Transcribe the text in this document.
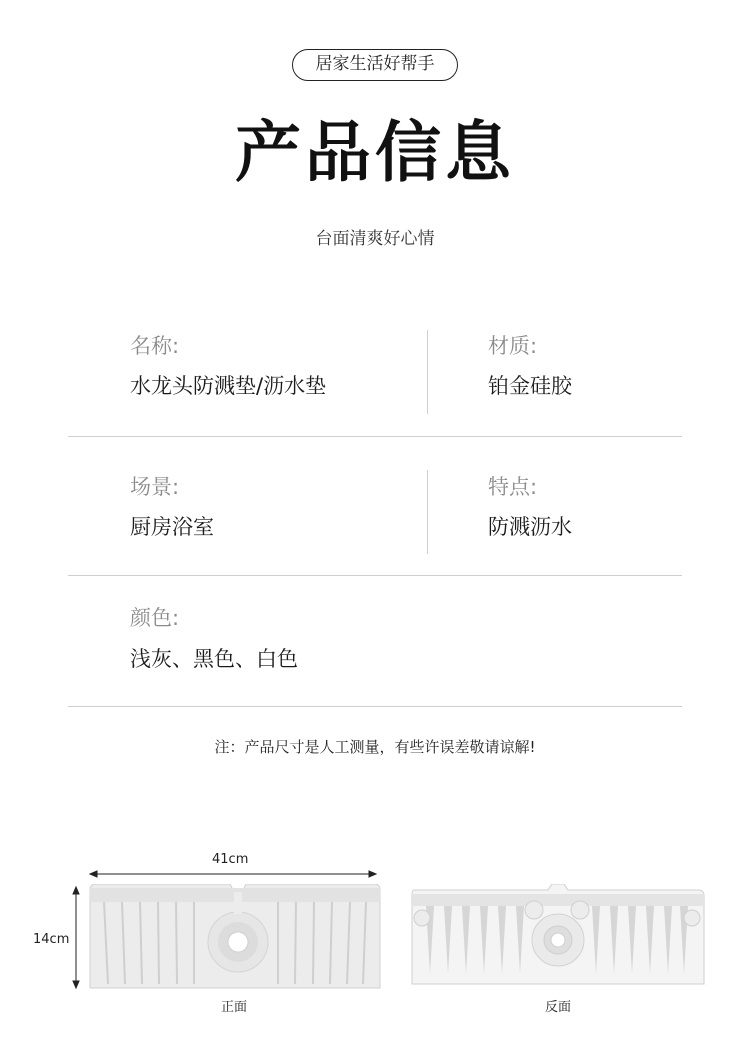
居家生活好帮手
产品信息
台面清爽好心情
名称:
水龙头防溅垫/沥水垫
材质:
铂金硅胶
场景:
厨房浴室
特点:
防溅沥水
颜色:
浅灰、黑色、白色
注：产品尺寸是人工测量，有些许误差敬请谅解!
41cm
14cm
正面	反面
